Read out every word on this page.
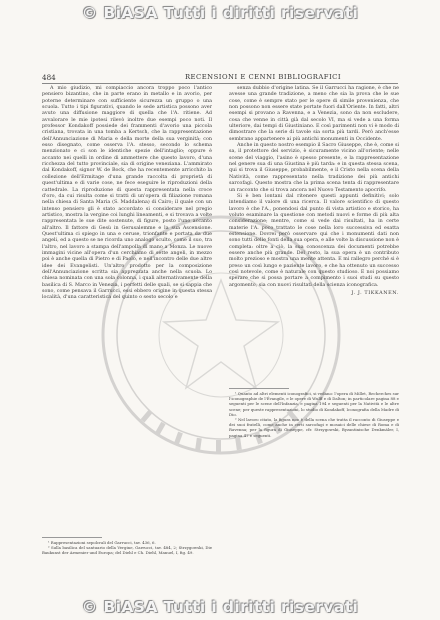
© BiASA Tutti i diritti riservati
484	RECENSIONI E CENNI BIBLIOGRAFICI

A mio giudizio, mi compiaccio ancora troppo poco l'antico pensiero bizantino, che in parte erano in metallo e in avorio, per poterne determinare con sufficiente sicurezza un gruppo o una scuola. Tutto i tipi figurativi, quando le sede artistica possono aver avuto una diffusione maggiore di quella che l'A. ritiene. Ad avvalorare le mie ipotesi rilevò inoltre due esempi poco noti. Il professor Kondakoff possiede dei frammenti d'avorio una piccola cristiana, trovata in una tomba a Kertsch, che la rappresentazione dell'Annunciazione di Maria e della morte della sua verginità; con esso disegnato, come osserva l'A. stesso, secondo lo schema menzionato e ci son le identiche spezie dell'intaglio; oppure è accanto nei quelli in ordine di ammettere che questo lavoro, d'una ricchezza del tutto provinciale, sia di origine veneziana. L'ammirato dal Kondakoff, signor W. de Bock, che ha recentemente arricchito la collezione dell'Ermitage d'una grande raccolta di proprietà di quest'ultima e di varie cose, ne fece eseguire le riproduzioni della cattedrale. La riproduzione di questa rappresentata nella croce d'oro, da cui risulta come si tratti di un'opera di filiazione romana nella chiesa di Santa Maria (S. Maddalena) di Cairo; il quale con un intenso pensiero gli è stato accordato si considerare nel pregio artistico, mostra la vergine coi lunghi lineamenti, e si trovava a volte rappresentata le sue dite sostenute, di figure, posto l'uno accanto all'altro. Il fattore di Gesù in Gerusalemme e la sua Ascensione. Quest'ultima ci spiego in una e ceruse, trionfante e portata da due angeli, ed a questo se ne ricorda uno analogo sculto, come il suo, tra l'altro, nel lavoro a stampa dell'ampolla di mano a Monza. Le nuove immagini vicine all'opera d'un cerchiamo di sette angeli, in mezzo poi è anche quella di Pietro e di Paolo, e nell'incontro delle due altre idee dei Evangelisti. Un'altro prodotto per la composizione dell'Annunciazione scritta sia apprezzata anche nella scuola. Lo chiesa nominata con una sola colonna, i quali alternativamente della basilica di S. Marco in Venezia, i perfetti delle quali, se si sappia che sono, come pensava il Garrucci, essi ebbero origine in questa stessa località, d'una caratteristica del quinto o sesto secolo e

senza dubbio d'origine latina. Se il Garrucci ha ragione, è che ne avesse una grande tradizione, a meno che sia la prova che le sue cose, come è sempre stato per le opere di simile provenienza, che non possono non essere state portate fuori dall'Oriente. In fatti, altri esempi si provano a Ravenna, e a Venezia, sono da non escludere, cosa che venne in città già dal secolo VI, ma si vede a una forma ulteriore, dai tempi di Giustiniano. E così parimenti non vi è modo di dimostrare che la serie di tavole sia sorta più tardi. Però anch'esse sembrano appartenere ai più antichi monumenti in Occidente.

Anche in questo nostro esempio il Sacro Giuseppe, che è, come si sa, il protettore del servizio, è sicuramente vicino all'oriente; nelle scene del viaggio, l'asino è spesso presente, e la rappresentazione nel genere sua di una Giustina è più tarda: e in questa stessa scena, qui si trova il Giuseppe, probabilmente, e il Cristo nella scena della Natività, come rappresentato nella tradizione dei più antichi sarcofagi. Questo mostra che la prima scena tenta di rappresentare un racconto che si trova ancora nel Nuovo Testamento apocrifo.

Si è ben lontani dal ritenere questi appunti definitivi; solo intendiamo il valore di una ricerca. Il valore scientifico di questo lavoro è che l'A., ponendosi dal punto di vista artistico e storico, ha voluto esaminare la questione con metodi nuovi e forme di più alta considerazione; mentre, come si vede dai risultati, ha in certe materie l'A. poco trattato le cose nella loro successiva ed esatta estensione. Dovrei però osservare qui che i monumenti dati non sono tutti delle fonti della sua opera, e alle volte la discussione non è completa: oltre a ciò, la sua conoscenza dei documenti potrebbe essere anche più grande. Del resto, la sua opera è un contributo molto prezioso e mostra una mente attenta. E mi rallegro perché si è preso un così lungo e paziente lavoro, e che ha ottenuto un successo così notevole, come è naturale con questo studioso. E noi possiamo sperare che si possa portare a compimento i suoi studi su questo argomento, sia con nuovi risultati della scienza iconografica.

J. J. TIKKANEN.

¹ Quanto ad altri elementi iconografici, si vedano: l'opera di Millet, Recherches sur l'iconographie de l'Évangile, e le opere di Wulff e di Dalton; in particolare pagina 88 e seguenti per le scene dell'Infanzia, e pagina 194 e seguenti per la Natività e le altre scene; per queste rappresentazioni, lo studio di Kondakoff, Iconografia della Madre di Dio.

² Nel lavoro citato, la figura non è della scena che tratta il racconto di Giuseppe e dei suoi fratelli, come anche in certi sarcofagi e mosaici delle chiese di Roma e di Ravenna; per la figura di Giuseppe, cfr. Strzygowski, Byzantinische Denkmäler, I, pagina 47 e seguenti.

¹ Rappresentazioni sepolcrali del Garrucci, tav. 436, 6.

² Sulla basilica del santuario della Vergine, Garrucci, tav. 484, 2; Strzygowski, Die Baukunst der Armenier und Europa; del Diehl e Ch. Diehl, Manuel, I, fig. 49.

© BiASA Tutti i diritti riservati
